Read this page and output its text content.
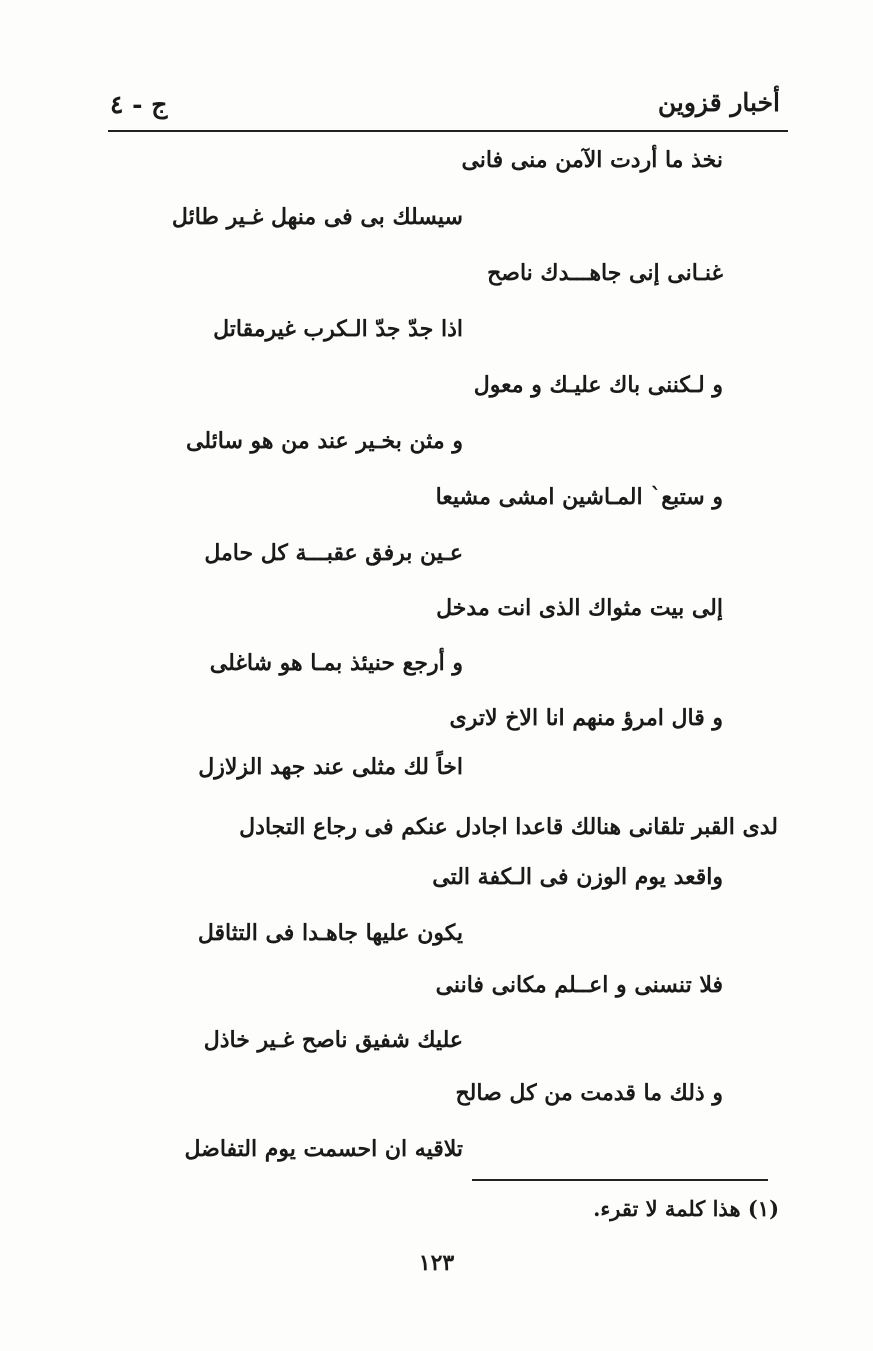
أخبار قزوين
ج - ٤
نخذ ما أردت الآمن منى فانى
سيسلك بى فى منهل غـير طائل
غنـانى إنى جاهـــدك ناصح
اذا جدّ جدّ الـكرب غيرمقاتل
و لـكننى باك عليـك و معول
و مثن بخـير عند من هو سائلى
و ستبع` المـاشين امشى مشيعا
عـين برفق عقبـــة كل حامل
إلى بيت مثواك الذى انت مدخل
و أرجع حنيئذ بمـا هو شاغلى
و قال امرؤ منهم انا الاخ لاترى
اخاً لك مثلى عند جهد الزلازل
لدى القبر تلقانى هنالك قاعدا اجادل عنكم فى رجاع التجادل
واقعد يوم الوزن فى الـكفة التى
يكون عليها جاهـدا فى التثاقل
فلا تنسنى و اعــلم مكانى فاننى
عليك شفيق ناصح غـير خاذل
و ذلك ما قدمت من كل صالح
تلاقيه ان احسمت يوم التفاضل
(١) هذا كلمة لا تقرء.
١٢٣
